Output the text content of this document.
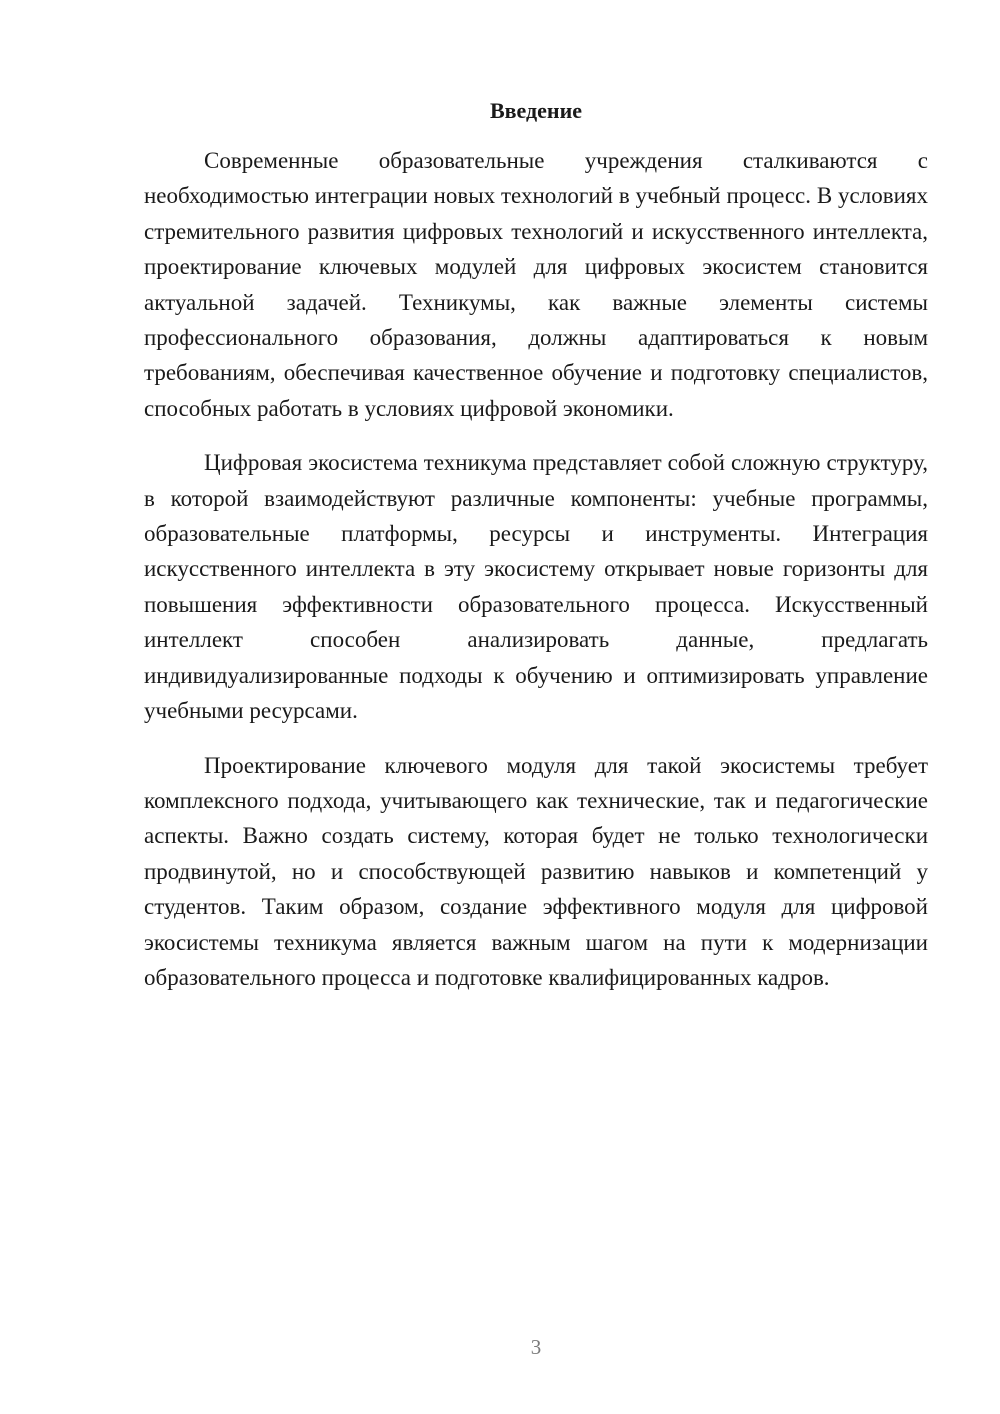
Введение

Современные образовательные учреждения сталкиваются с необходимостью интеграции новых технологий в учебный процесс. В условиях стремительного развития цифровых технологий и искусственного интеллекта, проектирование ключевых модулей для цифровых экосистем становится актуальной задачей. Техникумы, как важные элементы системы профессионального образования, должны адаптироваться к новым требованиям, обеспечивая качественное обучение и подготовку специалистов, способных работать в условиях цифровой экономики.

Цифровая экосистема техникума представляет собой сложную структуру, в которой взаимодействуют различные компоненты: учебные программы, образовательные платформы, ресурсы и инструменты. Интеграция искусственного интеллекта в эту экосистему открывает новые горизонты для повышения эффективности образовательного процесса. Искусственный интеллект способен анализировать данные, предлагать индивидуализированные подходы к обучению и оптимизировать управление учебными ресурсами.

Проектирование ключевого модуля для такой экосистемы требует комплексного подхода, учитывающего как технические, так и педагогические аспекты. Важно создать систему, которая будет не только технологически продвинутой, но и способствующей развитию навыков и компетенций у студентов. Таким образом, создание эффективного модуля для цифровой экосистемы техникума является важным шагом на пути к модернизации образовательного процесса и подготовке квалифицированных кадров.

3
